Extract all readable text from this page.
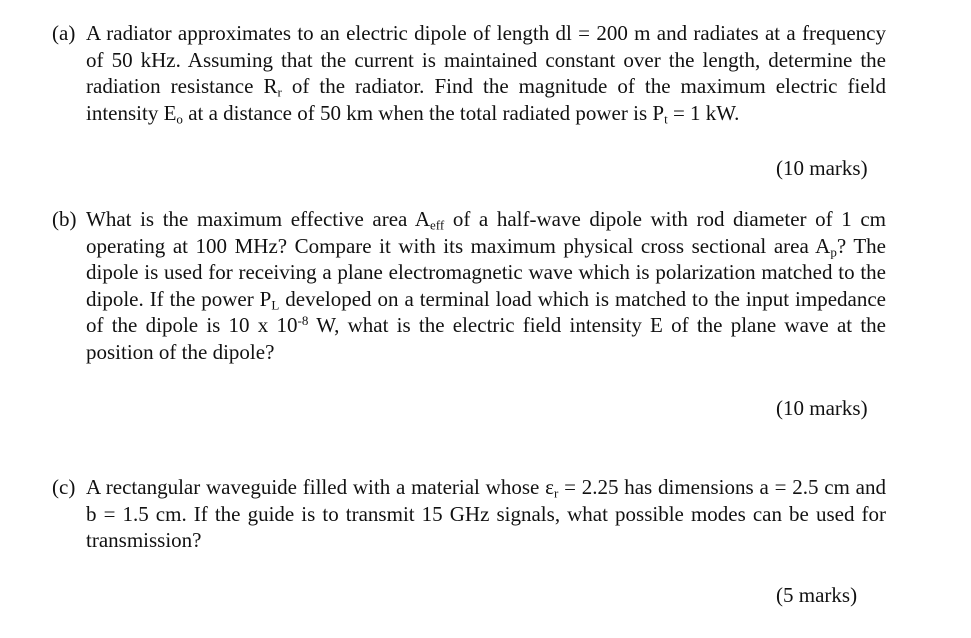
(a) A radiator approximates to an electric dipole of length dl = 200 m and radiates at a frequency of 50 kHz. Assuming that the current is maintained constant over the length, determine the radiation resistance $R_r$ of the radiator. Find the magnitude of the maximum electric field intensity $E_o$ at a distance of 50 km when the total radiated power is $P_t = 1$ kW.
(10 marks)
(b) What is the maximum effective area $A_{eff}$ of a half-wave dipole with rod diameter of 1 cm operating at 100 MHz? Compare it with its maximum physical cross sectional area $A_p$? The dipole is used for receiving a plane electromagnetic wave which is polarization matched to the dipole. If the power $P_L$ developed on a terminal load which is matched to the input impedance of the dipole is 10 x $10^{-8}$ W, what is the electric field intensity E of the plane wave at the position of the dipole?
(10 marks)
(c) A rectangular waveguide filled with a material whose $\varepsilon_r = 2.25$ has dimensions a = 2.5 cm and b = 1.5 cm. If the guide is to transmit 15 GHz signals, what possible modes can be used for transmission?
(5 marks)
